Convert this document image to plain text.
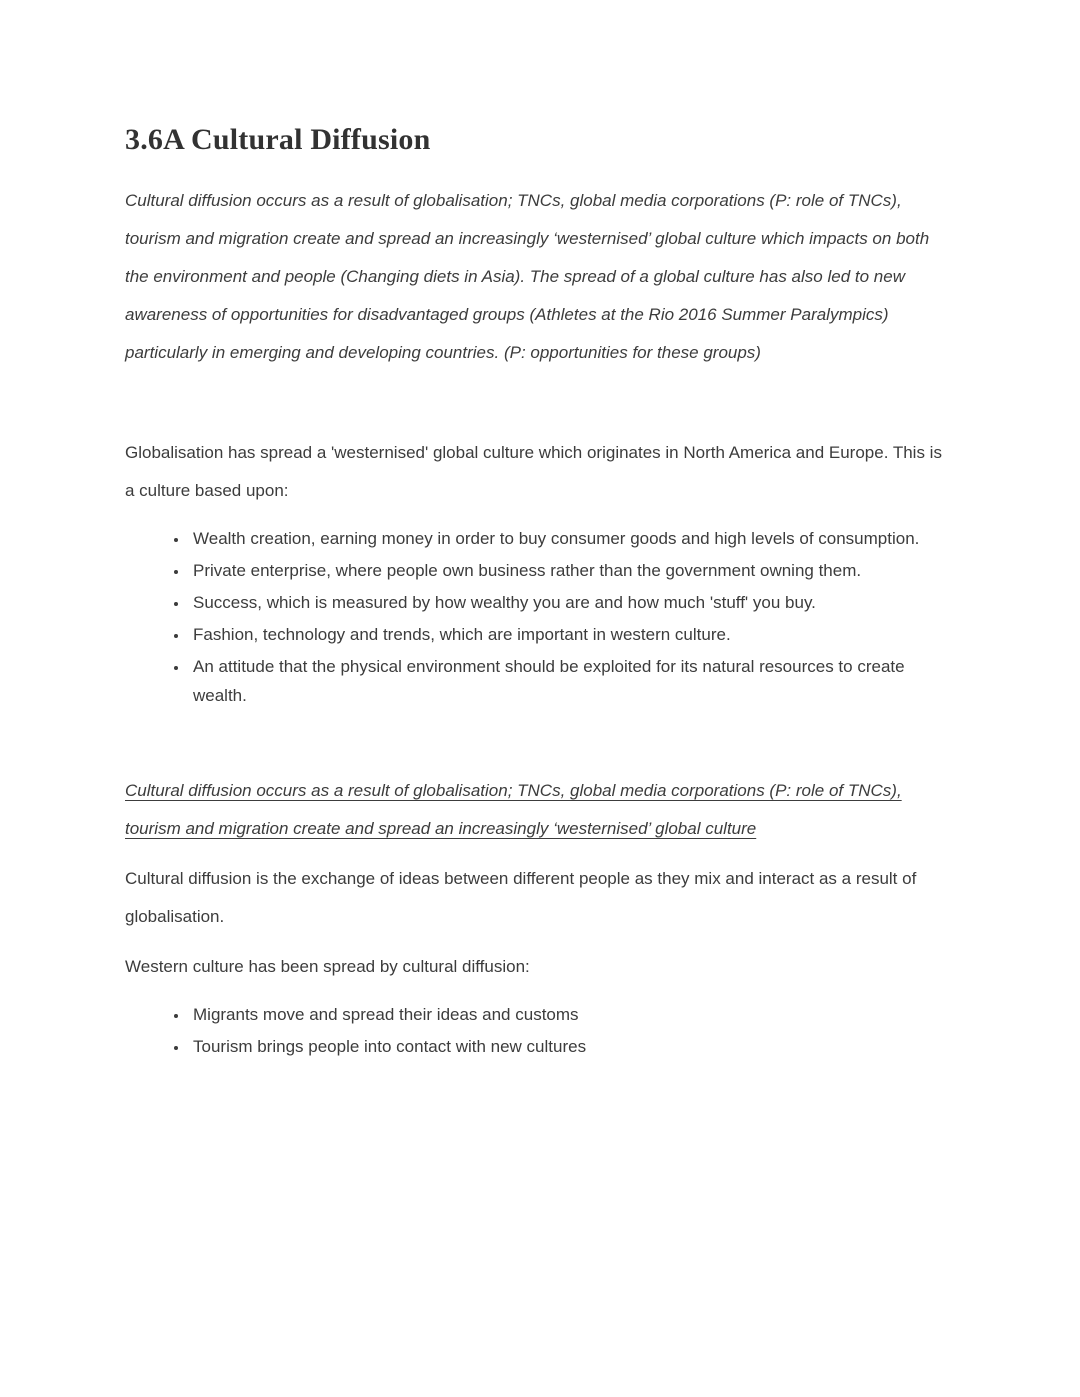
3.6A Cultural Diffusion

Cultural diffusion occurs as a result of globalisation; TNCs, global media corporations (P: role of TNCs), tourism and migration create and spread an increasingly ‘westernised’ global culture which impacts on both the environment and people (Changing diets in Asia). The spread of a global culture has also led to new awareness of opportunities for disadvantaged groups (Athletes at the Rio 2016 Summer Paralympics) particularly in emerging and developing countries. (P: opportunities for these groups)

Globalisation has spread a 'westernised' global culture which originates in North America and Europe. This is a culture based upon:

• Wealth creation, earning money in order to buy consumer goods and high levels of consumption.
• Private enterprise, where people own business rather than the government owning them.
• Success, which is measured by how wealthy you are and how much 'stuff' you buy.
• Fashion, technology and trends, which are important in western culture.
• An attitude that the physical environment should be exploited for its natural resources to create wealth.

Cultural diffusion occurs as a result of globalisation; TNCs, global media corporations (P: role of TNCs), tourism and migration create and spread an increasingly ‘westernised’ global culture

Cultural diffusion is the exchange of ideas between different people as they mix and interact as a result of globalisation.

Western culture has been spread by cultural diffusion:

• Migrants move and spread their ideas and customs
• Tourism brings people into contact with new cultures
